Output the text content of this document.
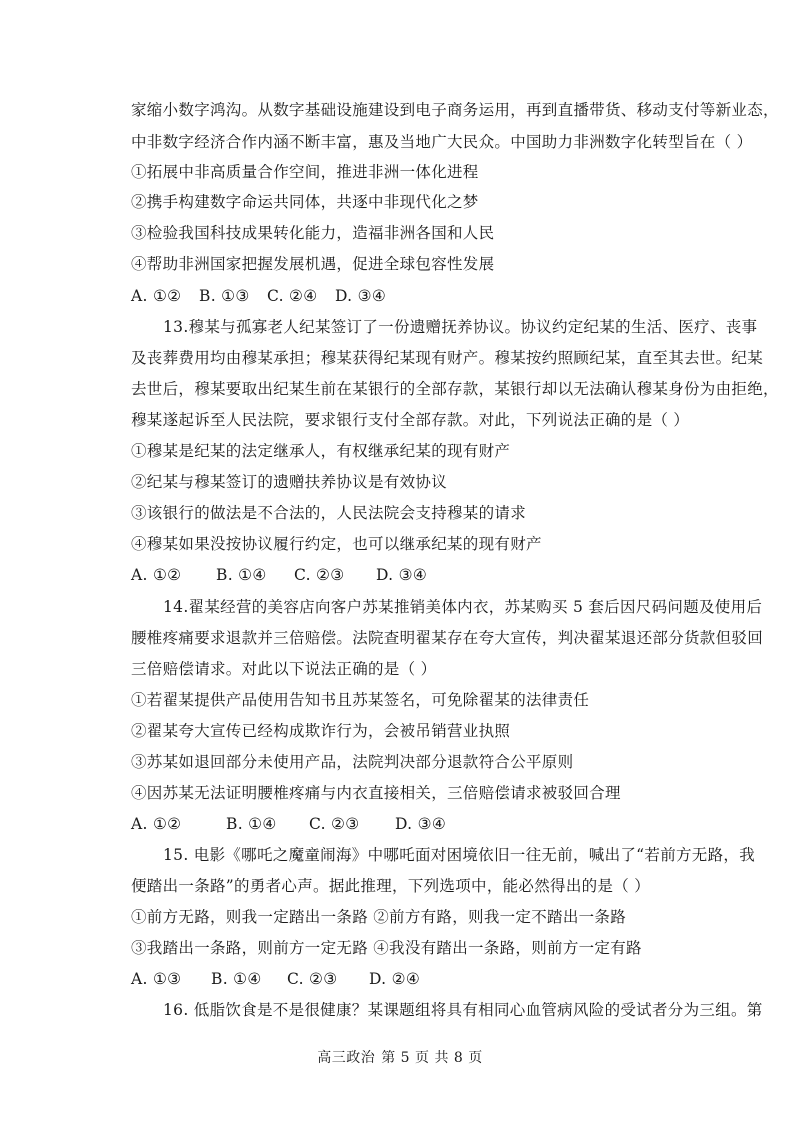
家缩小数字鸿沟。从数字基础设施建设到电子商务运用，再到直播带货、移动支付等新业态，
中非数字经济合作内涵不断丰富，惠及当地广大民众。中国助力非洲数字化转型旨在（ ）
①拓展中非高质量合作空间，推进非洲一体化进程
②携手构建数字命运共同体，共逐中非现代化之梦
③检验我国科技成果转化能力，造福非洲各国和人民
④帮助非洲国家把握发展机遇，促进全球包容性发展
A. ①② B. ①③ C. ②④ D. ③④
13.穆某与孤寡老人纪某签订了一份遗赠抚养协议。协议约定纪某的生活、医疗、丧事
及丧葬费用均由穆某承担；穆某获得纪某现有财产。穆某按约照顾纪某，直至其去世。纪某
去世后，穆某要取出纪某生前在某银行的全部存款，某银行却以无法确认穆某身份为由拒绝，
穆某遂起诉至人民法院，要求银行支付全部存款。对此，下列说法正确的是（ ）
①穆某是纪某的法定继承人，有权继承纪某的现有财产
②纪某与穆某签订的遗赠扶养协议是有效协议
③该银行的做法是不合法的，人民法院会支持穆某的请求
④穆某如果没按协议履行约定，也可以继承纪某的现有财产
A. ①② B. ①④ C. ②③ D. ③④
14.翟某经营的美容店向客户苏某推销美体内衣，苏某购买 5 套后因尺码问题及使用后
腰椎疼痛要求退款并三倍赔偿。法院查明翟某存在夸大宣传，判决翟某退还部分货款但驳回
三倍赔偿请求。对此以下说法正确的是（ ）
①若翟某提供产品使用告知书且苏某签名，可免除翟某的法律责任
②翟某夸大宣传已经构成欺诈行为，会被吊销营业执照
③苏某如退回部分未使用产品，法院判决部分退款符合公平原则
④因苏某无法证明腰椎疼痛与内衣直接相关，三倍赔偿请求被驳回合理
A. ①②	B. ①④ C. ②③ D. ③④
15. 电影《哪吒之魔童闹海》中哪吒面对困境依旧一往无前，喊出了“若前方无路，我
便踏出一条路”的勇者心声。据此推理，下列选项中，能必然得出的是（ ）
①前方无路，则我一定踏出一条路 ②前方有路，则我一定不踏出一条路
③我踏出一条路，则前方一定无路 ④我没有踏出一条路，则前方一定有路
A. ①③ B. ①④ C. ②③ D. ②④
16. 低脂饮食是不是很健康？某课题组将具有相同心血管病风险的受试者分为三组。第
高三政治 第 5 页 共 8 页
